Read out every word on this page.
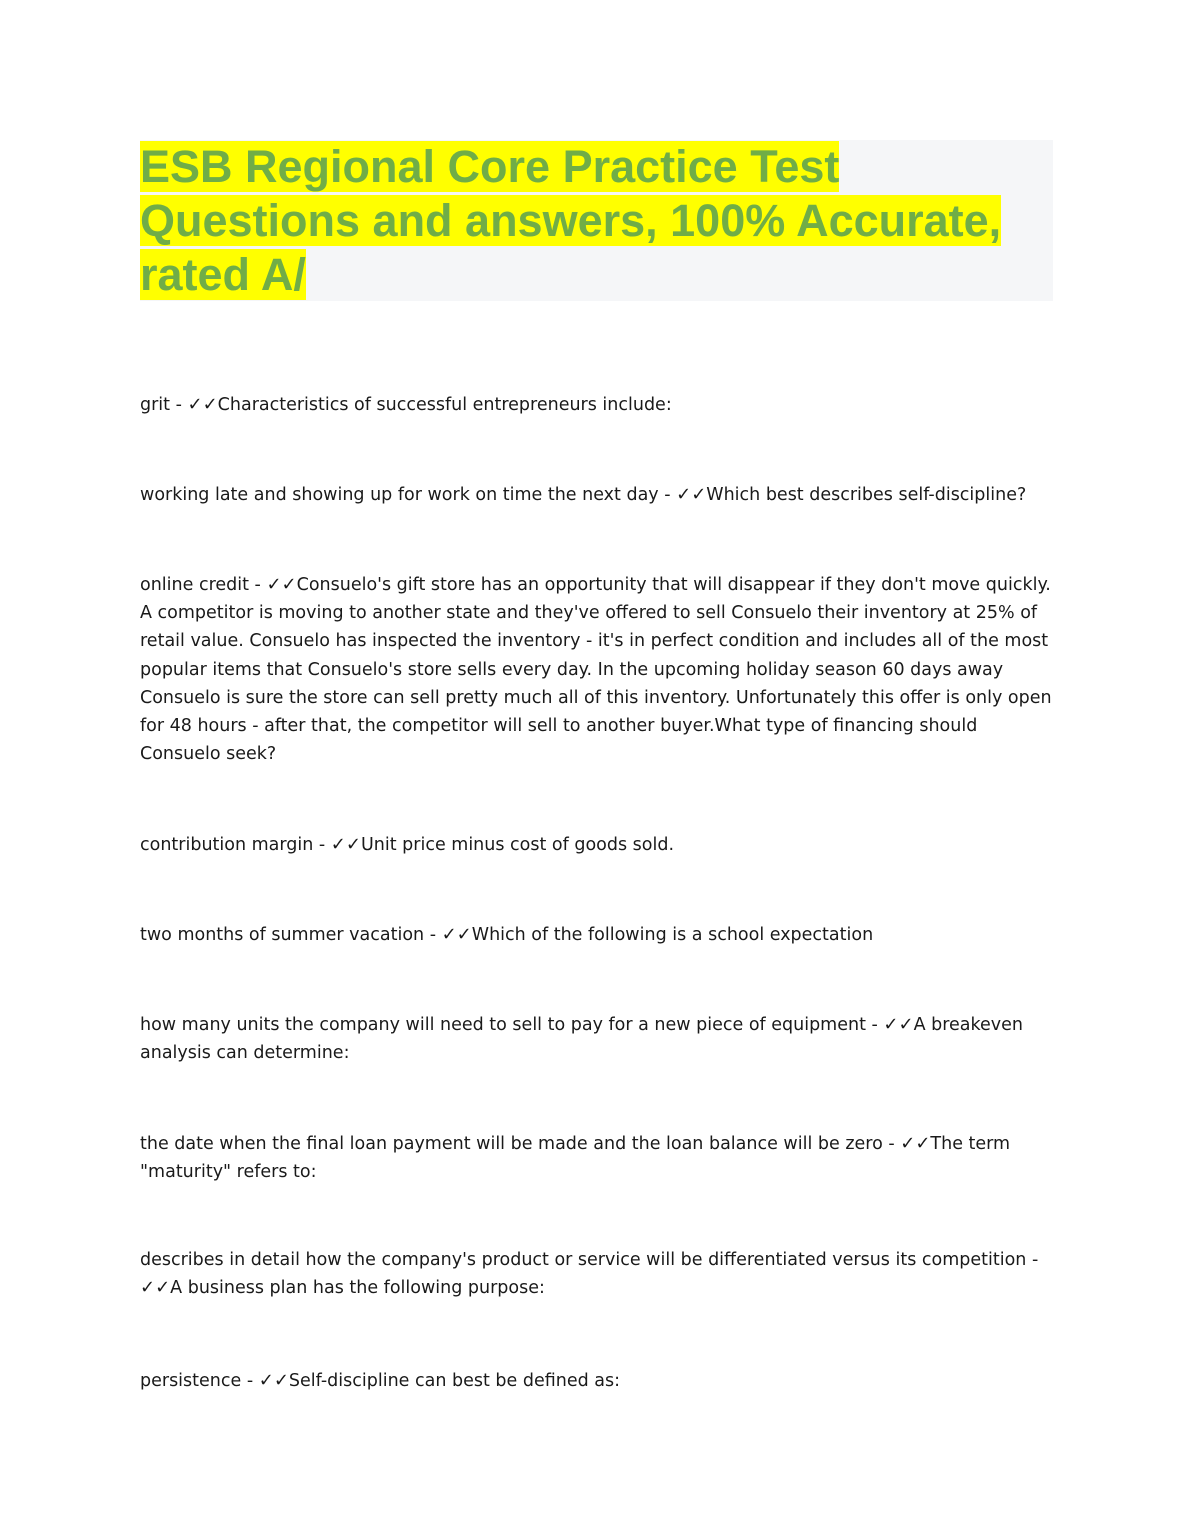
ESB Regional Core Practice Test Questions and answers, 100% Accurate, rated A/

grit - ✓✓Characteristics of successful entrepreneurs include:

working late and showing up for work on time the next day - ✓✓Which best describes self-discipline?

online credit - ✓✓Consuelo's gift store has an opportunity that will disappear if they don't move quickly. A competitor is moving to another state and they've offered to sell Consuelo their inventory at 25% of retail value. Consuelo has inspected the inventory - it's in perfect condition and includes all of the most popular items that Consuelo's store sells every day. In the upcoming holiday season 60 days away Consuelo is sure the store can sell pretty much all of this inventory. Unfortunately this offer is only open for 48 hours - after that, the competitor will sell to another buyer.What type of financing should Consuelo seek?

contribution margin - ✓✓Unit price minus cost of goods sold.

two months of summer vacation - ✓✓Which of the following is a school expectation

how many units the company will need to sell to pay for a new piece of equipment - ✓✓A breakeven analysis can determine:

the date when the final loan payment will be made and the loan balance will be zero - ✓✓The term "maturity" refers to:

describes in detail how the company's product or service will be differentiated versus its competition - ✓✓A business plan has the following purpose:

persistence - ✓✓Self-discipline can best be defined as:
